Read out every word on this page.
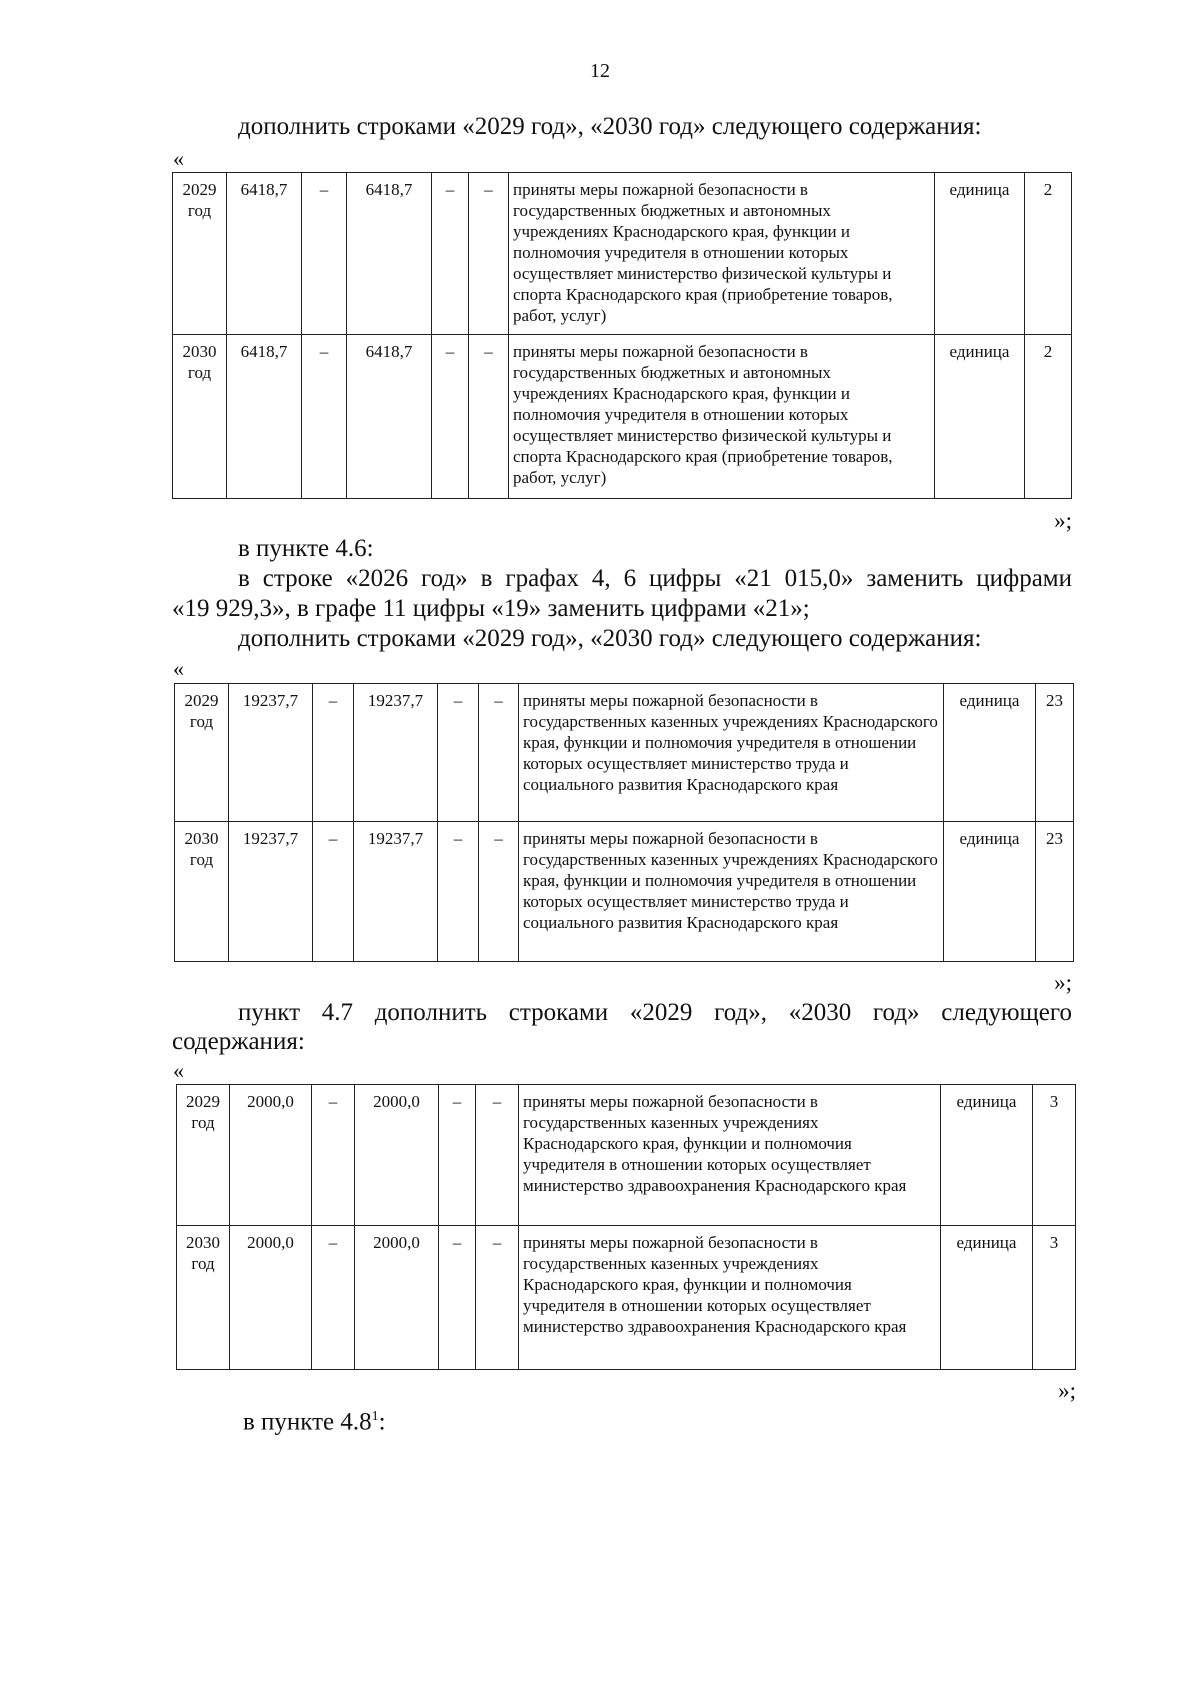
12
дополнить строками «2029 год», «2030 год» следующего содержания:
«
2029
год	6418,7	–	6418,7	–	–	приняты меры пожарной безопасности в государственных бюджетных и автономных учреждениях Краснодарского края, функции и полномочия учредителя в отношении которых осуществляет министерство физической культуры и спорта Краснодарского края (приобретение товаров, работ, услуг)	единица	2

2030
год	6418,7	–	6418,7	–	–	приняты меры пожарной безопасности в государственных бюджетных и автономных учреждениях Краснодарского края, функции и полномочия учредителя в отношении которых осуществляет министерство физической культуры и спорта Краснодарского края (приобретение товаров, работ, услуг)	единица	2
»;
в пункте 4.6:
в строке «2026 год» в графах 4, 6 цифры «21 015,0» заменить цифрами
«19 929,3», в графе 11 цифры «19» заменить цифрами «21»;
дополнить строками «2029 год», «2030 год» следующего содержания:
«
2029
год	19237,7	–	19237,7	–	–	приняты меры пожарной безопасности в государственных казенных учреждениях Краснодарского края, функции и полномочия учредителя в отношении которых осуществляет министерство труда и социального развития Краснодарского края	единица	23

2030
год	19237,7	–	19237,7	–	–	приняты меры пожарной безопасности в государственных казенных учреждениях Краснодарского края, функции и полномочия учредителя в отношении которых осуществляет министерство труда и социального развития Краснодарского края	единица	23
»;
пункт 4.7 дополнить строками «2029 год», «2030 год» следующего
содержания:
«
2029
год	2000,0	–	2000,0	–	–	приняты меры пожарной безопасности в государственных казенных учреждениях Краснодарского края, функции и полномочия учредителя в отношении которых осуществляет министерство здравоохранения Краснодарского края	единица	3

2030
год	2000,0	–	2000,0	–	–	приняты меры пожарной безопасности в государственных казенных учреждениях Краснодарского края, функции и полномочия учредителя в отношении которых осуществляет министерство здравоохранения Краснодарского края	единица	3
»;
в пункте $4.8^1$:
